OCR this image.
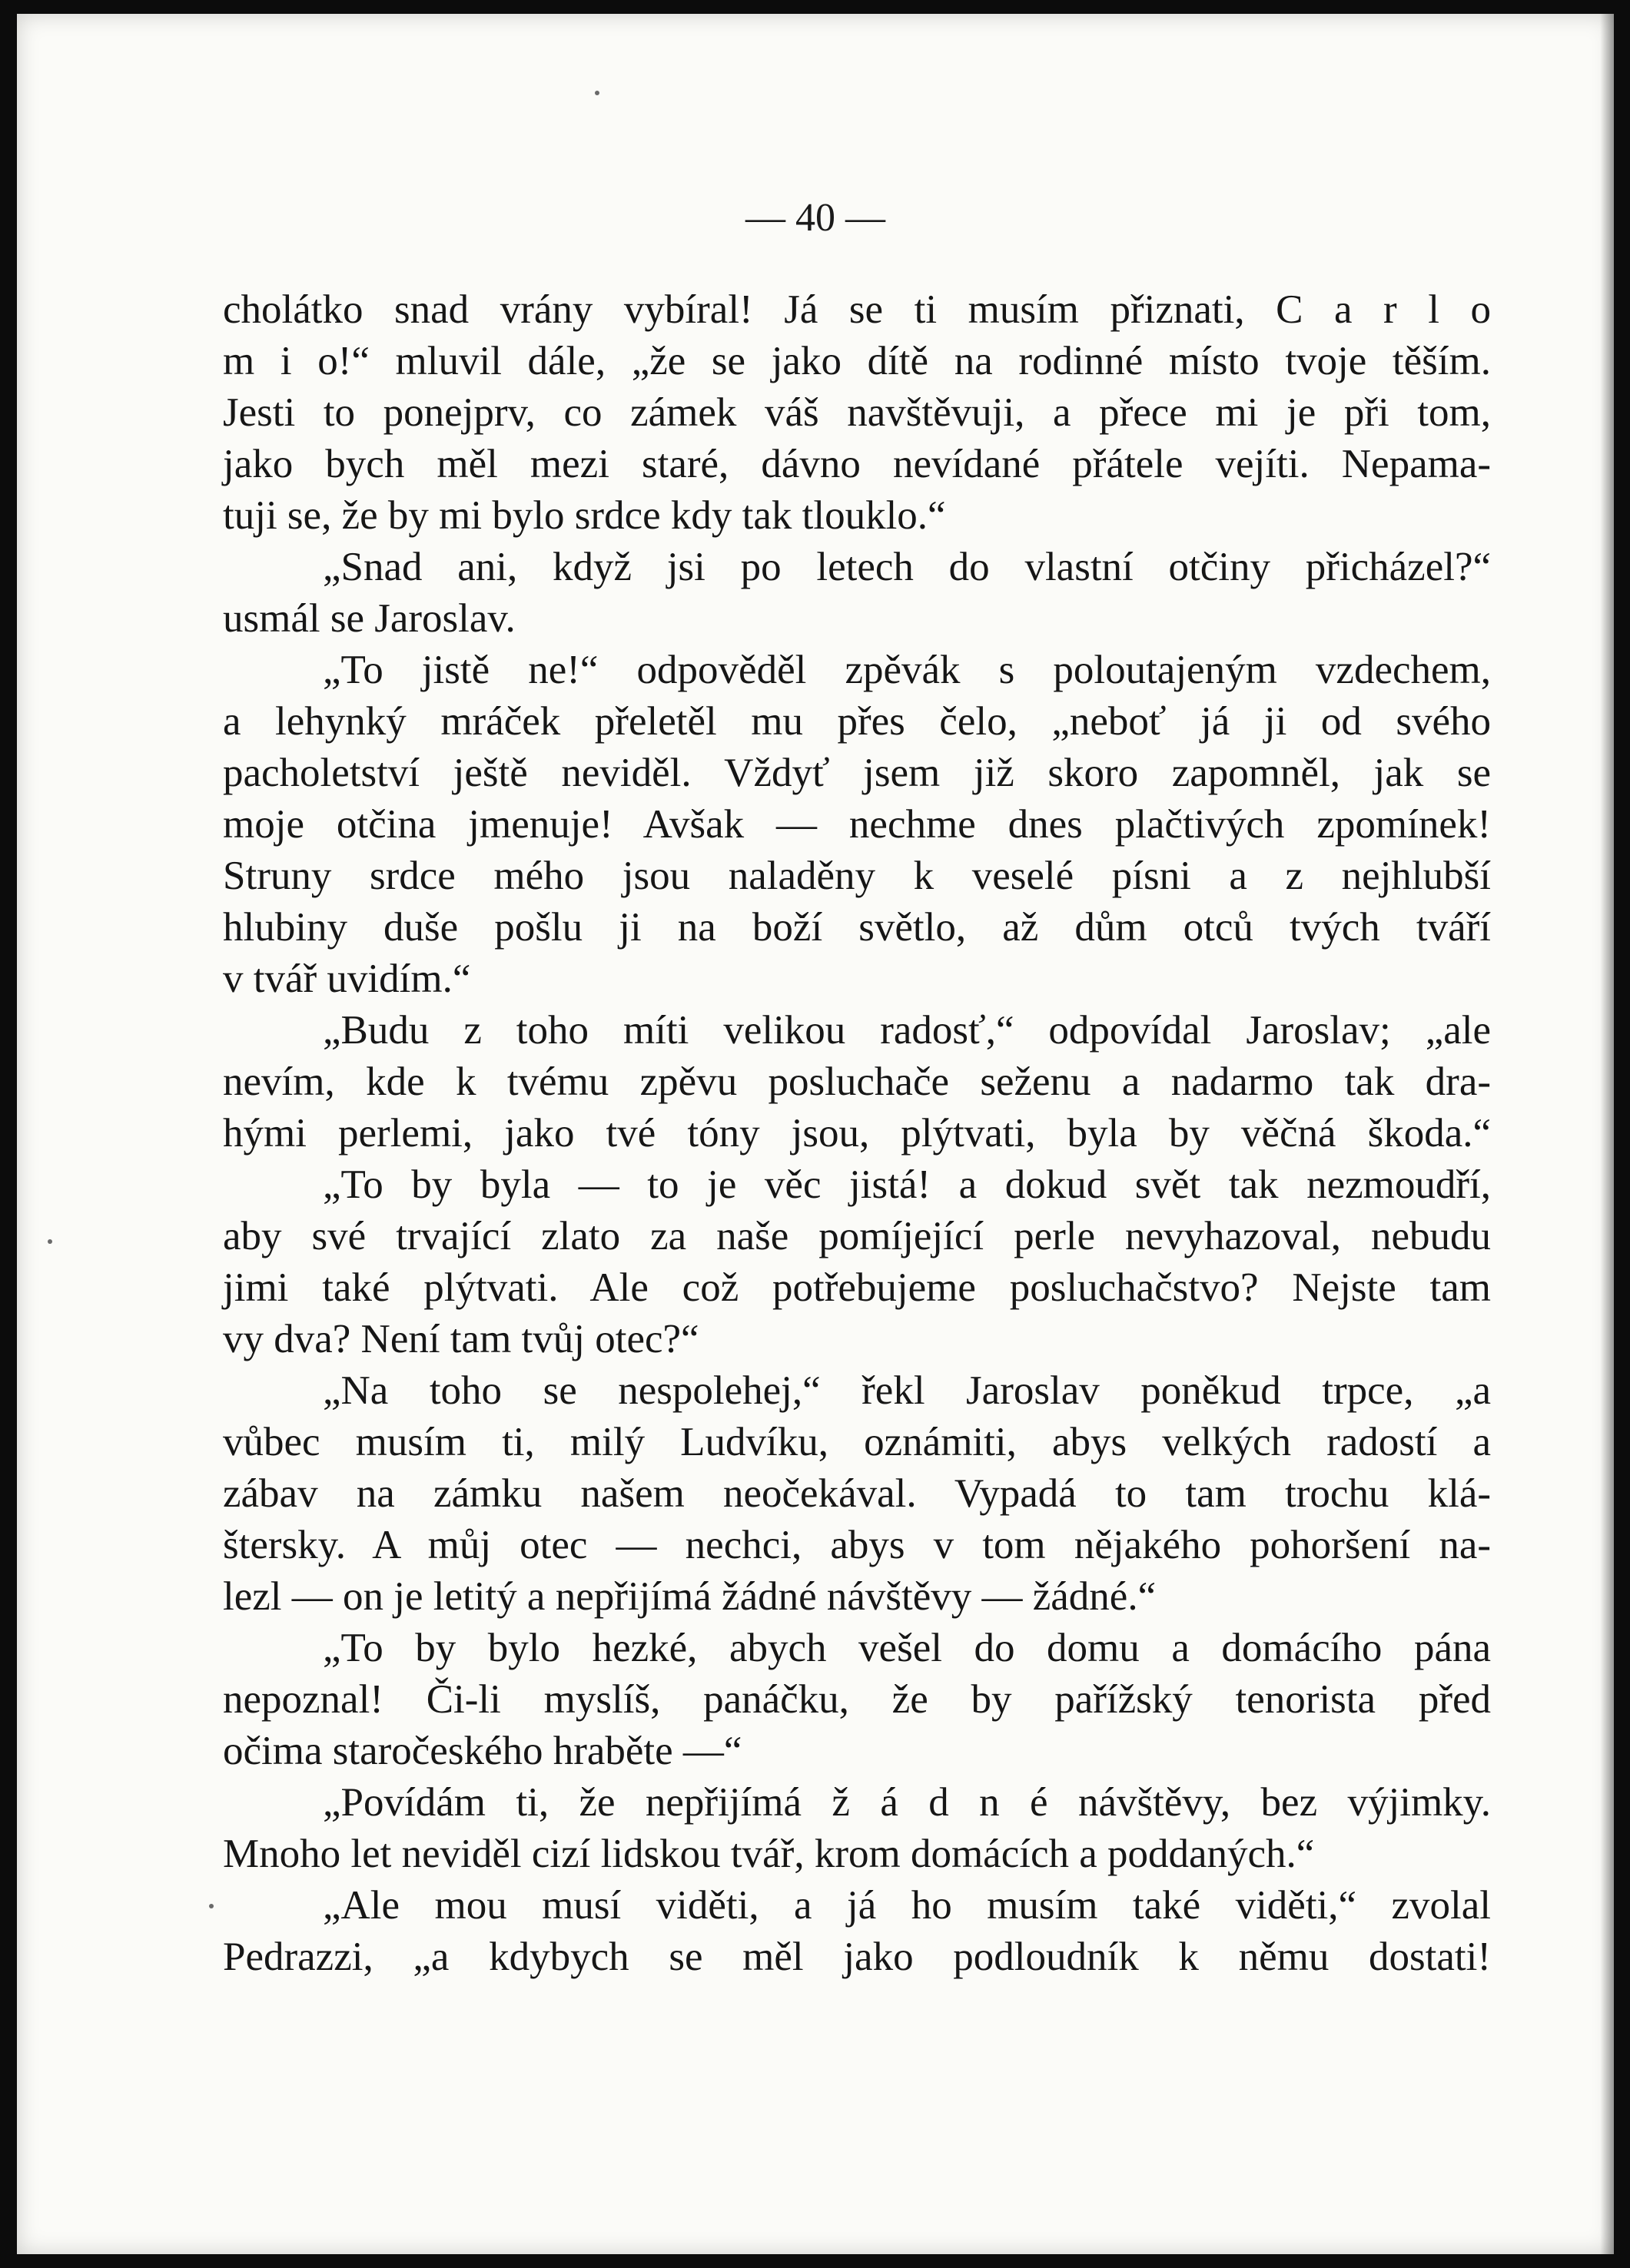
— 40 —
cholátko snad vrány vybíral! Já se ti musím přiznati, C a r l o
m i o!“ mluvil dále, „že se jako dítě na rodinné místo tvoje těším.
Jesti to ponejprv, co zámek váš navštěvuji, a přece mi je při tom,
jako bych měl mezi staré, dávno nevídané přátele vejíti. Nepama-
tuji se, že by mi bylo srdce kdy tak tlouklo.“
„Snad ani, když jsi po letech do vlastní otčiny přicházel?“
usmál se Jaroslav.
„To jistě ne!“ odpověděl zpěvák s poloutajeným vzdechem,
a lehynký mráček přeletěl mu přes čelo, „neboť já ji od svého
pacholetství ještě neviděl. Vždyť jsem již skoro zapomněl, jak se
moje otčina jmenuje! Avšak — nechme dnes plačtivých zpomínek!
Struny srdce mého jsou naladěny k veselé písni a z nejhlubší
hlubiny duše pošlu ji na boží světlo, až dům otců tvých tváří
v tvář uvidím.“
„Budu z toho míti velikou radosť,“ odpovídal Jaroslav; „ale
nevím, kde k tvému zpěvu posluchače seženu a nadarmo tak dra-
hými perlemi, jako tvé tóny jsou, plýtvati, byla by věčná škoda.“
„To by byla — to je věc jistá! a dokud svět tak nezmoudří,
aby své trvající zlato za naše pomíjející perle nevyhazoval, nebudu
jimi také plýtvati. Ale což potřebujeme posluchačstvo? Nejste tam
vy dva? Není tam tvůj otec?“
„Na toho se nespolehej,“ řekl Jaroslav poněkud trpce, „a
vůbec musím ti, milý Ludvíku, oznámiti, abys velkých radostí a
zábav na zámku našem neočekával. Vypadá to tam trochu klá-
štersky. A můj otec — nechci, abys v tom nějakého pohoršení na-
lezl — on je letitý a nepřijímá žádné návštěvy — žádné.“
„To by bylo hezké, abych vešel do domu a domácího pána
nepoznal! Či-li myslíš, panáčku, že by pařížský tenorista před
očima staročeského hraběte —“
„Povídám ti, že nepřijímá ž á d n é návštěvy, bez výjimky.
Mnoho let neviděl cizí lidskou tvář, krom domácích a poddaných.“
„Ale mou musí viděti, a já ho musím také viděti,“ zvolal
Pedrazzi, „a kdybych se měl jako podloudník k němu dostati!
